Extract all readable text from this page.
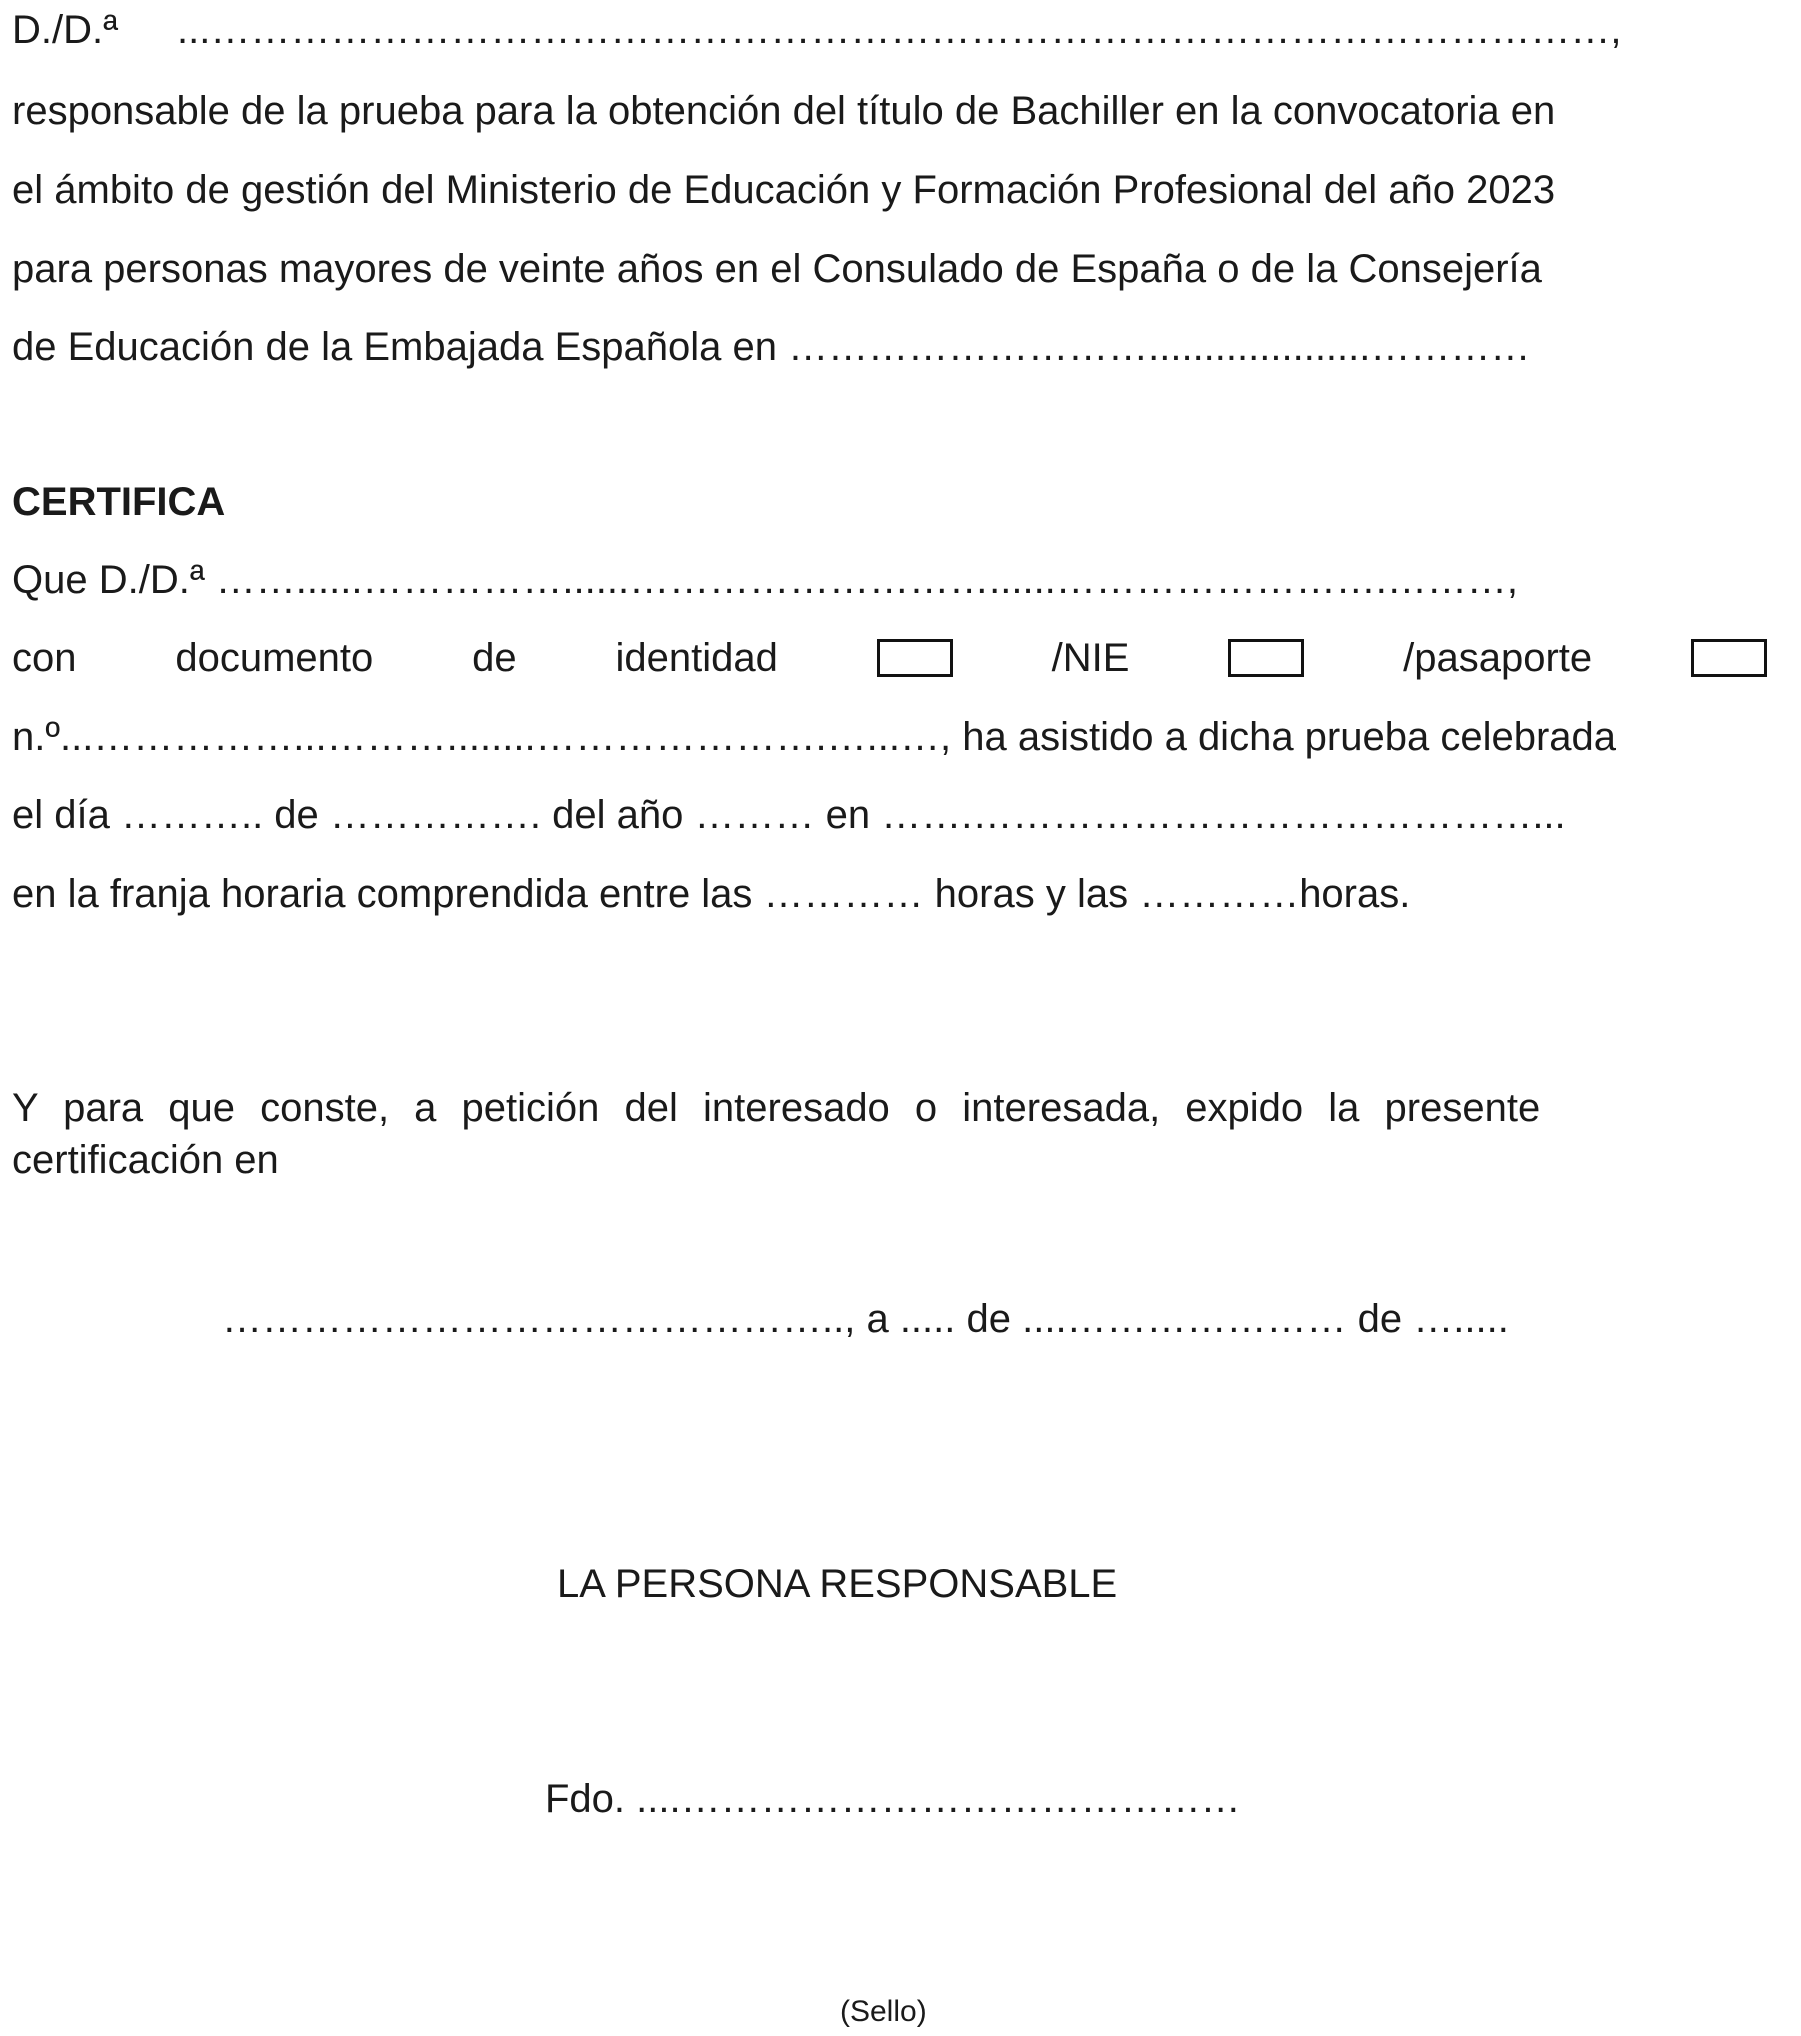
D./D.ª ...……………………………………………………………………………………………,
responsable de la prueba para la obtención del título de Bachiller en la convocatoria en
el ámbito de gestión del Ministerio de Educación y Formación Profesional del año 2023
para personas mayores de veinte años en el Consulado de España o de la Consejería
de Educación de la Embajada Española en ………………………....................…………
CERTIFICA
Que D./D.ª ……......……………......………………………......…………………….………,
con documento de identidad	/NIE	/pasaporte
n.º...……………...………........………………….…...…, ha asistido a dicha prueba celebrada
el día ……….. de ……………. del año ……… en …….……………………………………...
en la franja horaria comprendida entre las ………… horas y las …………horas.
Y para que conste, a petición del interesado o interesada, expido la presente
certificación en
……………………………………….., a ..... de ....………………… de ….....
LA PERSONA RESPONSABLE
Fdo. ....……………………………………
(Sello)
